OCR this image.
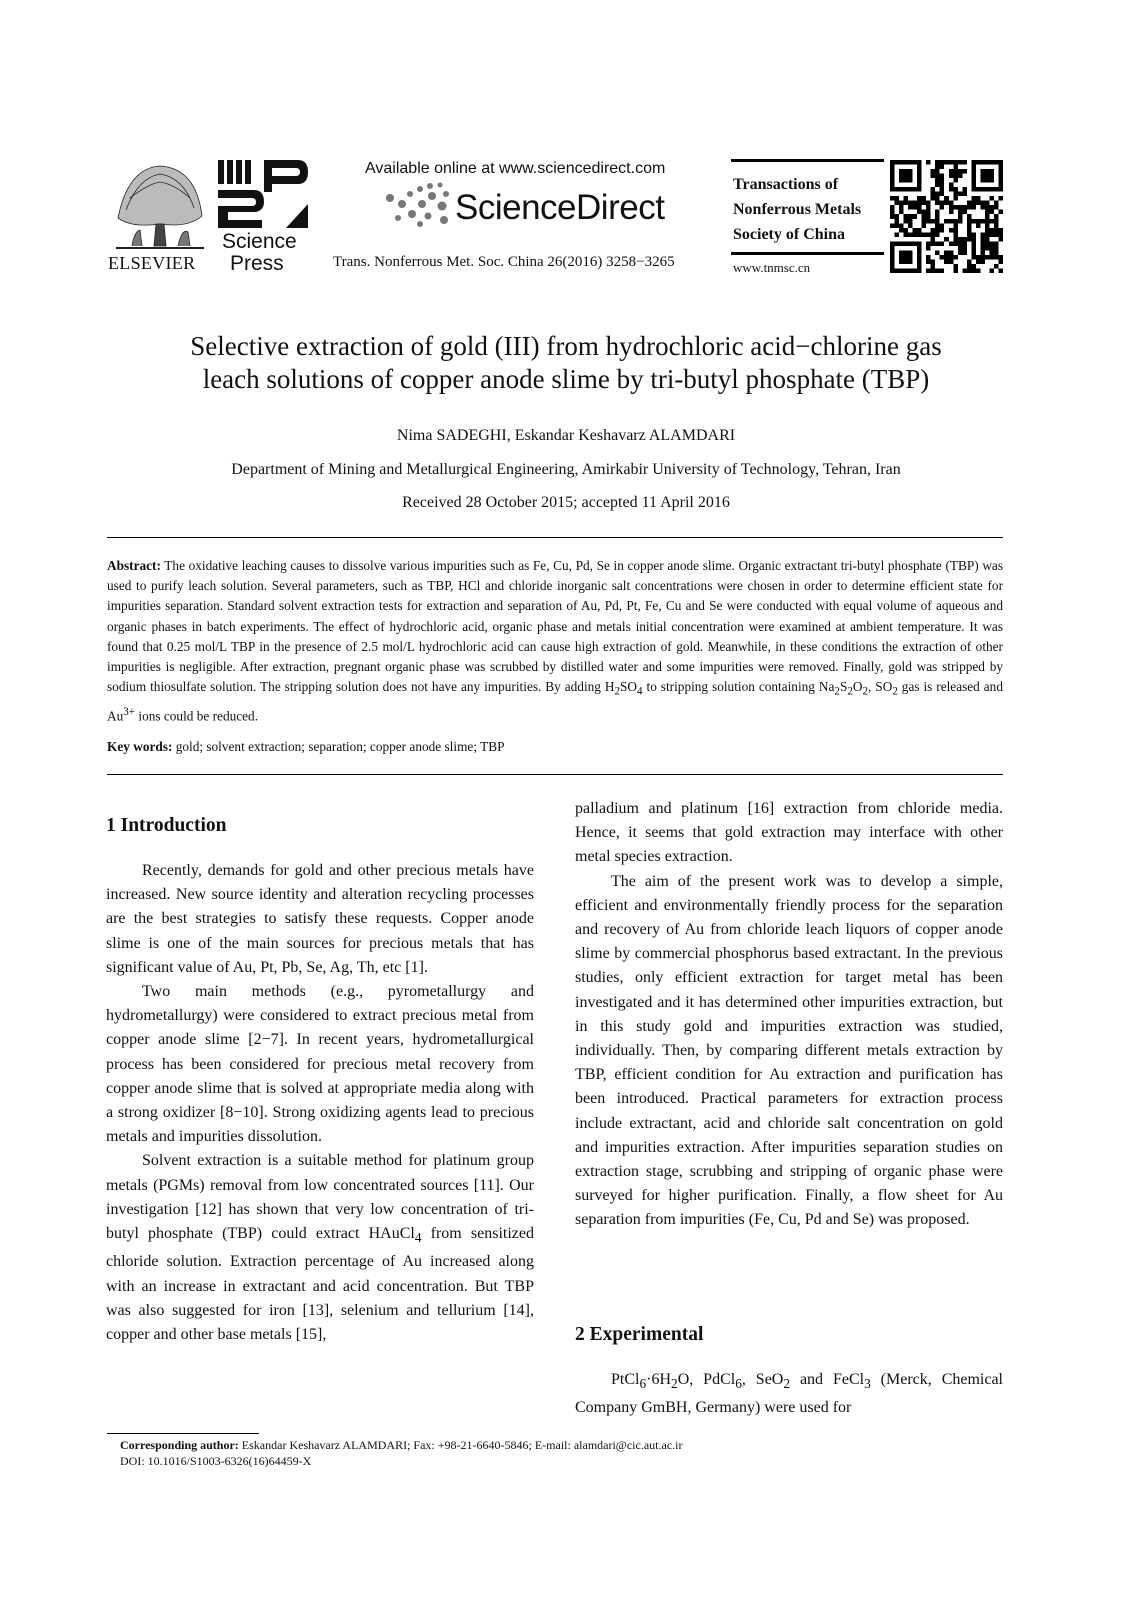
ELSEVIER
Science
Press
Available online at www.sciencedirect.com
ScienceDirect
Trans. Nonferrous Met. Soc. China 26(2016) 3258−3265
Transactions of
Nonferrous Metals
Society of China
www.tnmsc.cn
Selective extraction of gold (III) from hydrochloric acid−chlorine gas
leach solutions of copper anode slime by tri-butyl phosphate (TBP)
Nima SADEGHI, Eskandar Keshavarz ALAMDARI
Department of Mining and Metallurgical Engineering, Amirkabir University of Technology, Tehran, Iran
Received 28 October 2015; accepted 11 April 2016
Abstract: The oxidative leaching causes to dissolve various impurities such as Fe, Cu, Pd, Se in copper anode slime. Organic extractant tri-butyl phosphate (TBP) was used to purify leach solution. Several parameters, such as TBP, HCl and chloride inorganic salt concentrations were chosen in order to determine efficient state for impurities separation. Standard solvent extraction tests for extraction and separation of Au, Pd, Pt, Fe, Cu and Se were conducted with equal volume of aqueous and organic phases in batch experiments. The effect of hydrochloric acid, organic phase and metals initial concentration were examined at ambient temperature. It was found that 0.25 mol/L TBP in the presence of 2.5 mol/L hydrochloric acid can cause high extraction of gold. Meanwhile, in these conditions the extraction of other impurities is negligible. After extraction, pregnant organic phase was scrubbed by distilled water and some impurities were removed. Finally, gold was stripped by sodium thiosulfate solution. The stripping solution does not have any impurities. By adding $H_2SO_4$ to stripping solution containing $Na_2S_2O_2$, $SO_2$ gas is released and $Au^{3+}$ ions could be reduced.
Key words: gold; solvent extraction; separation; copper anode slime; TBP
1 Introduction

Recently, demands for gold and other precious metals have increased. New source identity and alteration recycling processes are the best strategies to satisfy these requests. Copper anode slime is one of the main sources for precious metals that has significant value of Au, Pt, Pb, Se, Ag, Th, etc [1].

Two main methods (e.g., pyrometallurgy and hydrometallurgy) were considered to extract precious metal from copper anode slime [2−7]. In recent years, hydrometallurgical process has been considered for precious metal recovery from copper anode slime that is solved at appropriate media along with a strong oxidizer [8−10]. Strong oxidizing agents lead to precious metals and impurities dissolution.

Solvent extraction is a suitable method for platinum group metals (PGMs) removal from low concentrated sources [11]. Our investigation [12] has shown that very low concentration of tri-butyl phosphate (TBP) could extract HAuCl$_4$ from sensitized chloride solution. Extraction percentage of Au increased along with an increase in extractant and acid concentration. But TBP was also suggested for iron [13], selenium and tellurium [14], copper and other base metals [15],

palladium and platinum [16] extraction from chloride media. Hence, it seems that gold extraction may interface with other metal species extraction.

The aim of the present work was to develop a simple, efficient and environmentally friendly process for the separation and recovery of Au from chloride leach liquors of copper anode slime by commercial phosphorus based extractant. In the previous studies, only efficient extraction for target metal has been investigated and it has determined other impurities extraction, but in this study gold and impurities extraction was studied, individually. Then, by comparing different metals extraction by TBP, efficient condition for Au extraction and purification has been introduced. Practical parameters for extraction process include extractant, acid and chloride salt concentration on gold and impurities extraction. After impurities separation studies on extraction stage, scrubbing and stripping of organic phase were surveyed for higher purification. Finally, a flow sheet for Au separation from impurities (Fe, Cu, Pd and Se) was proposed.

2 Experimental

$PtCl_6\cdot 6H_2O$, PdCl$_6$, SeO$_2$ and FeCl$_3$ (Merck, Chemical Company GmBH, Germany) were used for

Corresponding author: Eskandar Keshavarz ALAMDARI; Fax: +98-21-6640-5846; E-mail: alamdari@cic.aut.ac.ir
DOI: 10.1016/S1003-6326(16)64459-X
